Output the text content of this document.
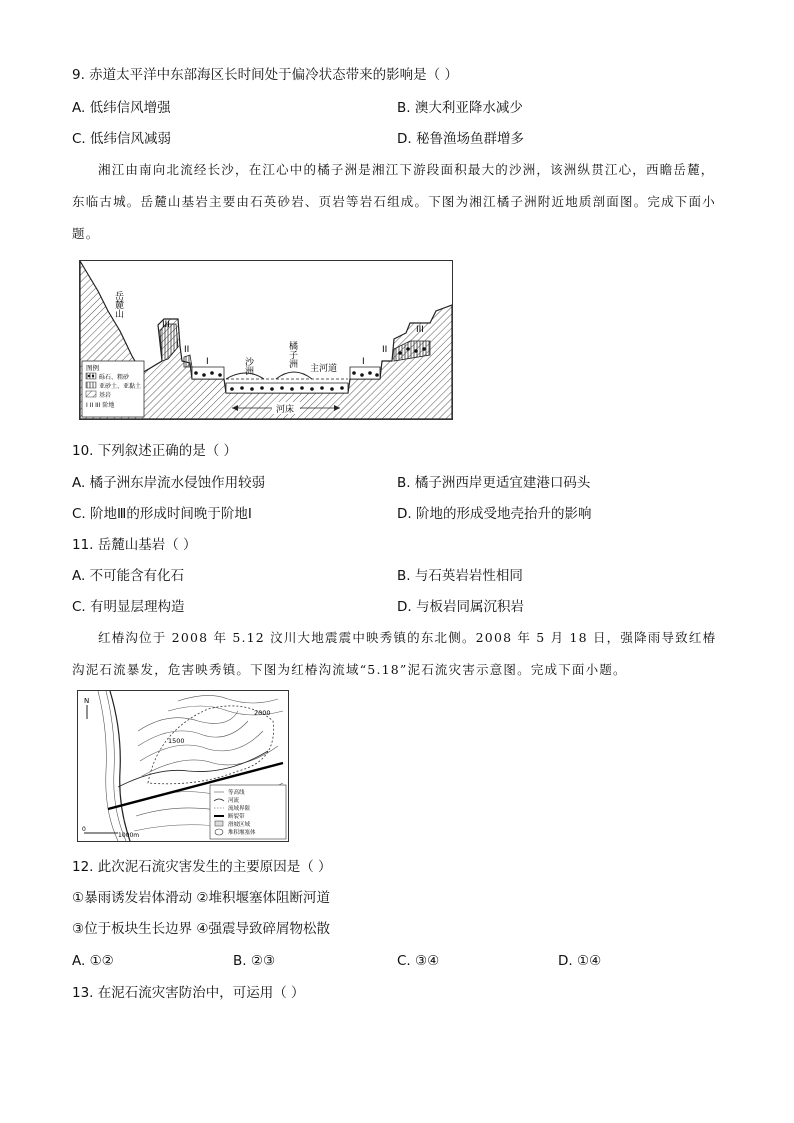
9. 赤道太平洋中东部海区长时间处于偏冷状态带来的影响是（ ）
A. 低纬信风增强	B. 澳大利亚降水减少
C. 低纬信风减弱	D. 秘鲁渔场鱼群增多
湘江由南向北流经长沙，在江心中的橘子洲是湘江下游段面积最大的沙洲，该洲纵贯江心，西瞻岳麓，东临古城。岳麓山基岩主要由石英砂岩、页岩等岩石组成。下图为湘江橘子洲附近地质剖面图。完成下面小题。
岳麓山
III
II
I	沙洲	橘子洲
主河道
I
II
III
河床
图例
砾石、粗砂
亚砂土、亚黏土
基岩
I II III 阶地
10. 下列叙述正确的是（ ）
A. 橘子洲东岸流水侵蚀作用较弱	B. 橘子洲西岸更适宜建港口码头
C. 阶地Ⅲ的形成时间晚于阶地Ⅰ	D. 阶地的形成受地壳抬升的影响
11. 岳麓山基岩（ ）
A. 不可能含有化石	B. 与石英岩岩性相同
C. 有明显层理构造	D. 与板岩同属沉积岩
红椿沟位于 2008 年 5.12 汶川大地震震中映秀镇的东北侧。2008 年 5 月 18 日，强降雨导致红椿沟泥石流暴发，危害映秀镇。下图为红椿沟流域“5.18”泥石流灾害示意图。完成下面小题。
N
2000
1500
0
1000m
等高线
河流
流域界限
断裂带
滑坡区域
堆积堰塞体
12. 此次泥石流灾害发生的主要原因是（ ）
①暴雨诱发岩体滑动 ②堆积堰塞体阻断河道
③位于板块生长边界 ④强震导致碎屑物松散
A. ①②	B. ②③	C. ③④	D. ①④
13. 在泥石流灾害防治中，可运用（ ）
